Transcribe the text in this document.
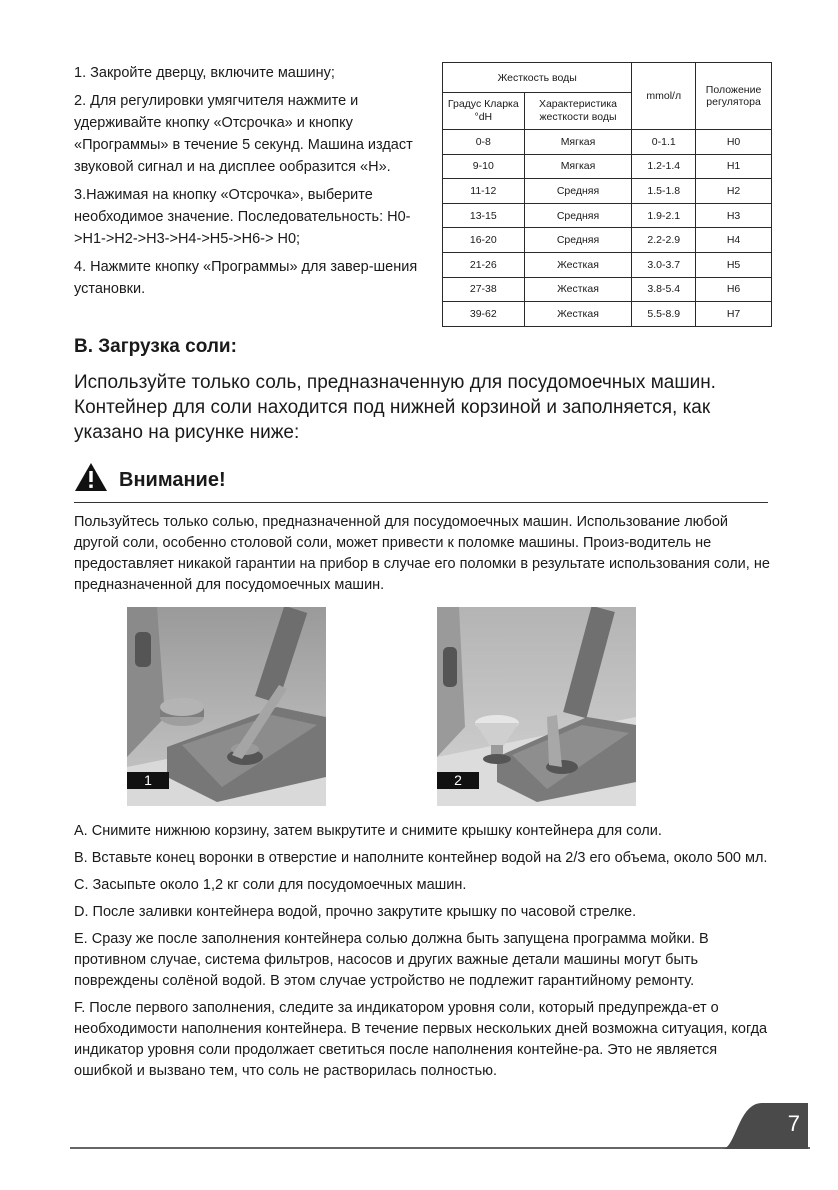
1. Закройте дверцу, включите машину;

2. Для регулировки умягчителя нажмите и удерживайте кнопку «Отсрочка» и кнопку «Программы» в течение 5 секунд. Машина издаст звуковой сигнал и на дисплее ообразится «H».

3.Нажимая на кнопку «Отсрочка», выберите необходимое значение. Последовательность: H0->H1->H2->H3->H4->H5->H6-> H0;

4. Нажмите кнопку «Программы» для завер-шения установки.

Жесткость воды		mmol/л	Положение регулятора
Градус Кларка °dH	Характеристика жесткости воды		
0-8	Мягкая	0-1.1	H0
9-10	Мягкая	1.2-1.4	H1
11-12	Средняя	1.5-1.8	H2
13-15	Средняя	1.9-2.1	H3
16-20	Средняя	2.2-2.9	H4
21-26	Жесткая	3.0-3.7	H5
27-38	Жесткая	3.8-5.4	H6
39-62	Жесткая	5.5-8.9	H7
B. Загрузка соли:
Используйте только соль, предназначенную для посудомоечных машин. Контейнер для соли находится под нижней корзиной и заполняется, как указано на рисунке ниже:
Внимание!
Пользуйтесь только солью, предназначенной для посудомоечных машин. Использование любой другой соли, особенно столовой соли, может привести к поломке машины. Произ-водитель не предоставляет никакой гарантии на прибор в случае его поломки в результате использования соли, не предназначенной для посудомоечных машин.
1	2

A. Снимите нижнюю корзину, затем выкрутите и снимите крышку контейнера для соли.

B. Вставьте конец воронки в отверстие и наполните контейнер водой на 2/3 его объема, около 500 мл.

C. Засыпьте около 1,2 кг соли для посудомоечных машин.

D. После заливки контейнера водой, прочно закрутите крышку по часовой стрелке.

E. Сразу же после заполнения контейнера солью должна быть запущена программа мойки. В противном случае, система фильтров, насосов и других важные детали машины могут быть повреждены солёной водой. В этом случае устройство не подлежит гарантийному ремонту.

F. После первого заполнения, следите за индикатором уровня соли, который предупрежда-ет о необходимости наполнения контейнера. В течение первых нескольких дней возможна ситуация, когда индикатор уровня соли продолжает светиться после наполнения контейне-ра. Это не является ошибкой и вызвано тем, что соль не растворилась полностью.

7
